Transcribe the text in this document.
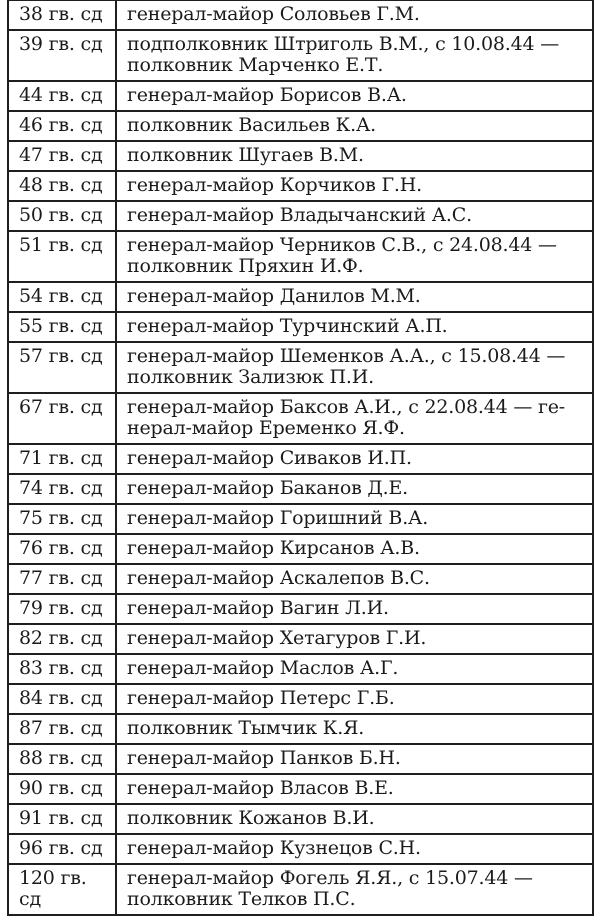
38 гв. сд	генерал-майор Соловьев Г.М.
39 гв. сд	подполковник Штриголь В.М., с 10.08.44 — полковник Марченко Е.Т.
44 гв. сд	генерал-майор Борисов В.А.
46 гв. сд	полковник Васильев К.А.
47 гв. сд	полковник Шугаев В.М.
48 гв. сд	генерал-майор Корчиков Г.Н.
50 гв. сд	генерал-майор Владычанский А.С.
51 гв. сд	генерал-майор Черников С.В., с 24.08.44 — полковник Пряхин И.Ф.
54 гв. сд	генерал-майор Данилов М.М.
55 гв. сд	генерал-майор Турчинский А.П.
57 гв. сд	генерал-майор Шеменков А.А., с 15.08.44 — полковник Зализюк П.И.
67 гв. сд	генерал-майор Баксов А.И., с 22.08.44 — генерал-майор Еременко Я.Ф.
71 гв. сд	генерал-майор Сиваков И.П.
74 гв. сд	генерал-майор Баканов Д.Е.
75 гв. сд	генерал-майор Горишний В.А.
76 гв. сд	генерал-майор Кирсанов А.В.
77 гв. сд	генерал-майор Аскалепов В.С.
79 гв. сд	генерал-майор Вагин Л.И.
82 гв. сд	генерал-майор Хетагуров Г.И.
83 гв. сд	генерал-майор Маслов А.Г.
84 гв. сд	генерал-майор Петерс Г.Б.
87 гв. сд	полковник Тымчик К.Я.
88 гв. сд	генерал-майор Панков Б.Н.
90 гв. сд	генерал-майор Власов В.Е.
91 гв. сд	полковник Кожанов В.И.
96 гв. сд	генерал-майор Кузнецов С.Н.
120 гв. сд	генерал-майор Фогель Я.Я., с 15.07.44 — полковник Телков П.С.
